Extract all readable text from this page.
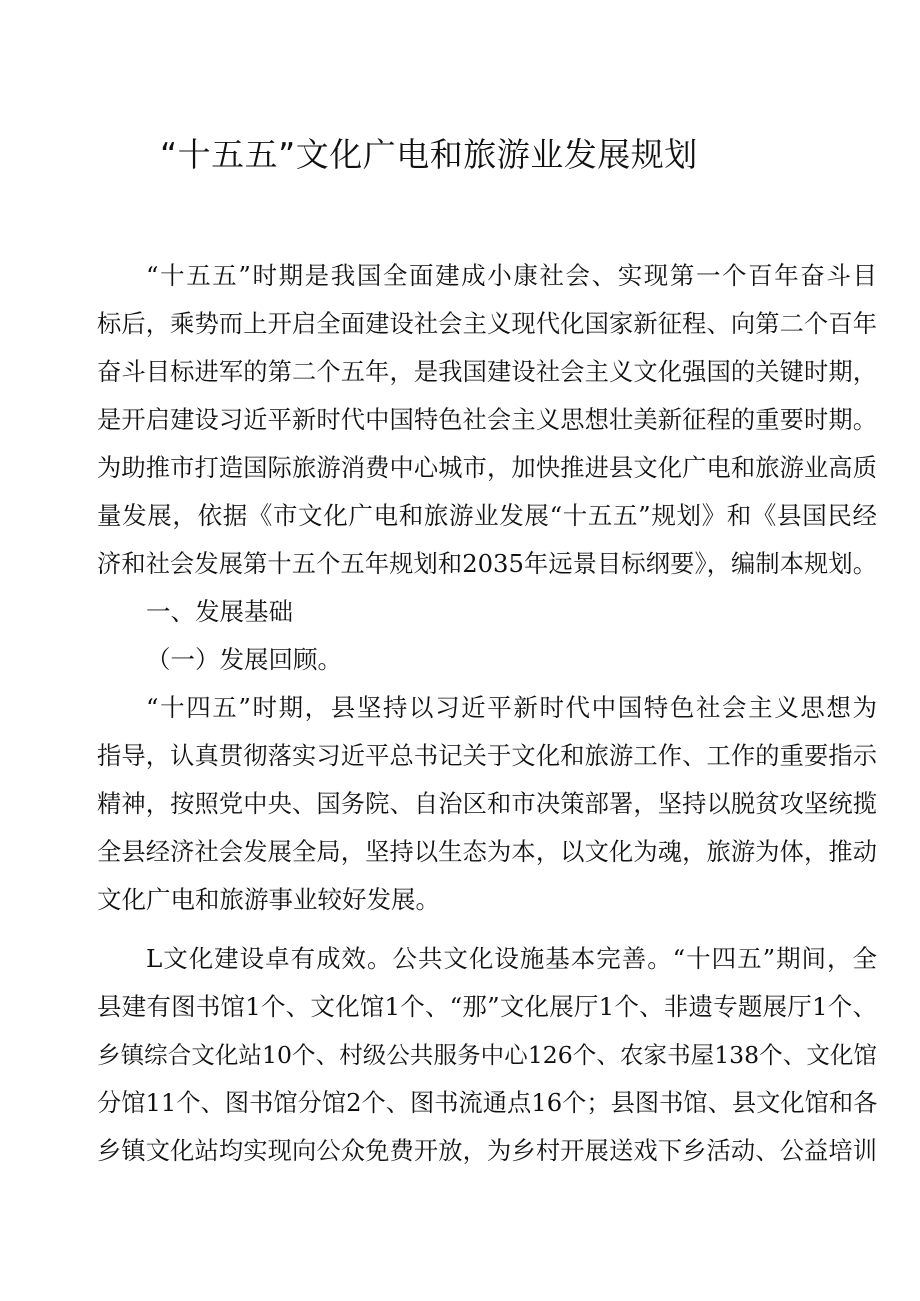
“十五五”文化广电和旅游业发展规划
“十五五”时期是我国全面建成小康社会、实现第一个百年奋斗目
标后，乘势而上开启全面建设社会主义现代化国家新征程、向第二个百年
奋斗目标进军的第二个五年，是我国建设社会主义文化强国的关键时期，
是开启建设习近平新时代中国特色社会主义思想壮美新征程的重要时期。
为助推市打造国际旅游消费中心城市，加快推进县文化广电和旅游业高质
量发展，依据《市文化广电和旅游业发展“十五五”规划》和《县国民经
济和社会发展第十五个五年规划和2035年远景目标纲要》，编制本规划。
一、发展基础
（一）发展回顾。
“十四五”时期，县坚持以习近平新时代中国特色社会主义思想为
指导，认真贯彻落实习近平总书记关于文化和旅游工作、工作的重要指示
精神，按照党中央、国务院、自治区和市决策部署，坚持以脱贫攻坚统揽
全县经济社会发展全局，坚持以生态为本，以文化为魂，旅游为体，推动
文化广电和旅游事业较好发展。
L文化建设卓有成效。公共文化设施基本完善。“十四五”期间，全
县建有图书馆1个、文化馆1个、“那”文化展厅1个、非遗专题展厅1个、
乡镇综合文化站10个、村级公共服务中心126个、农家书屋138个、文化馆
分馆11个、图书馆分馆2个、图书流通点16个；县图书馆、县文化馆和各
乡镇文化站均实现向公众免费开放，为乡村开展送戏下乡活动、公益培训
